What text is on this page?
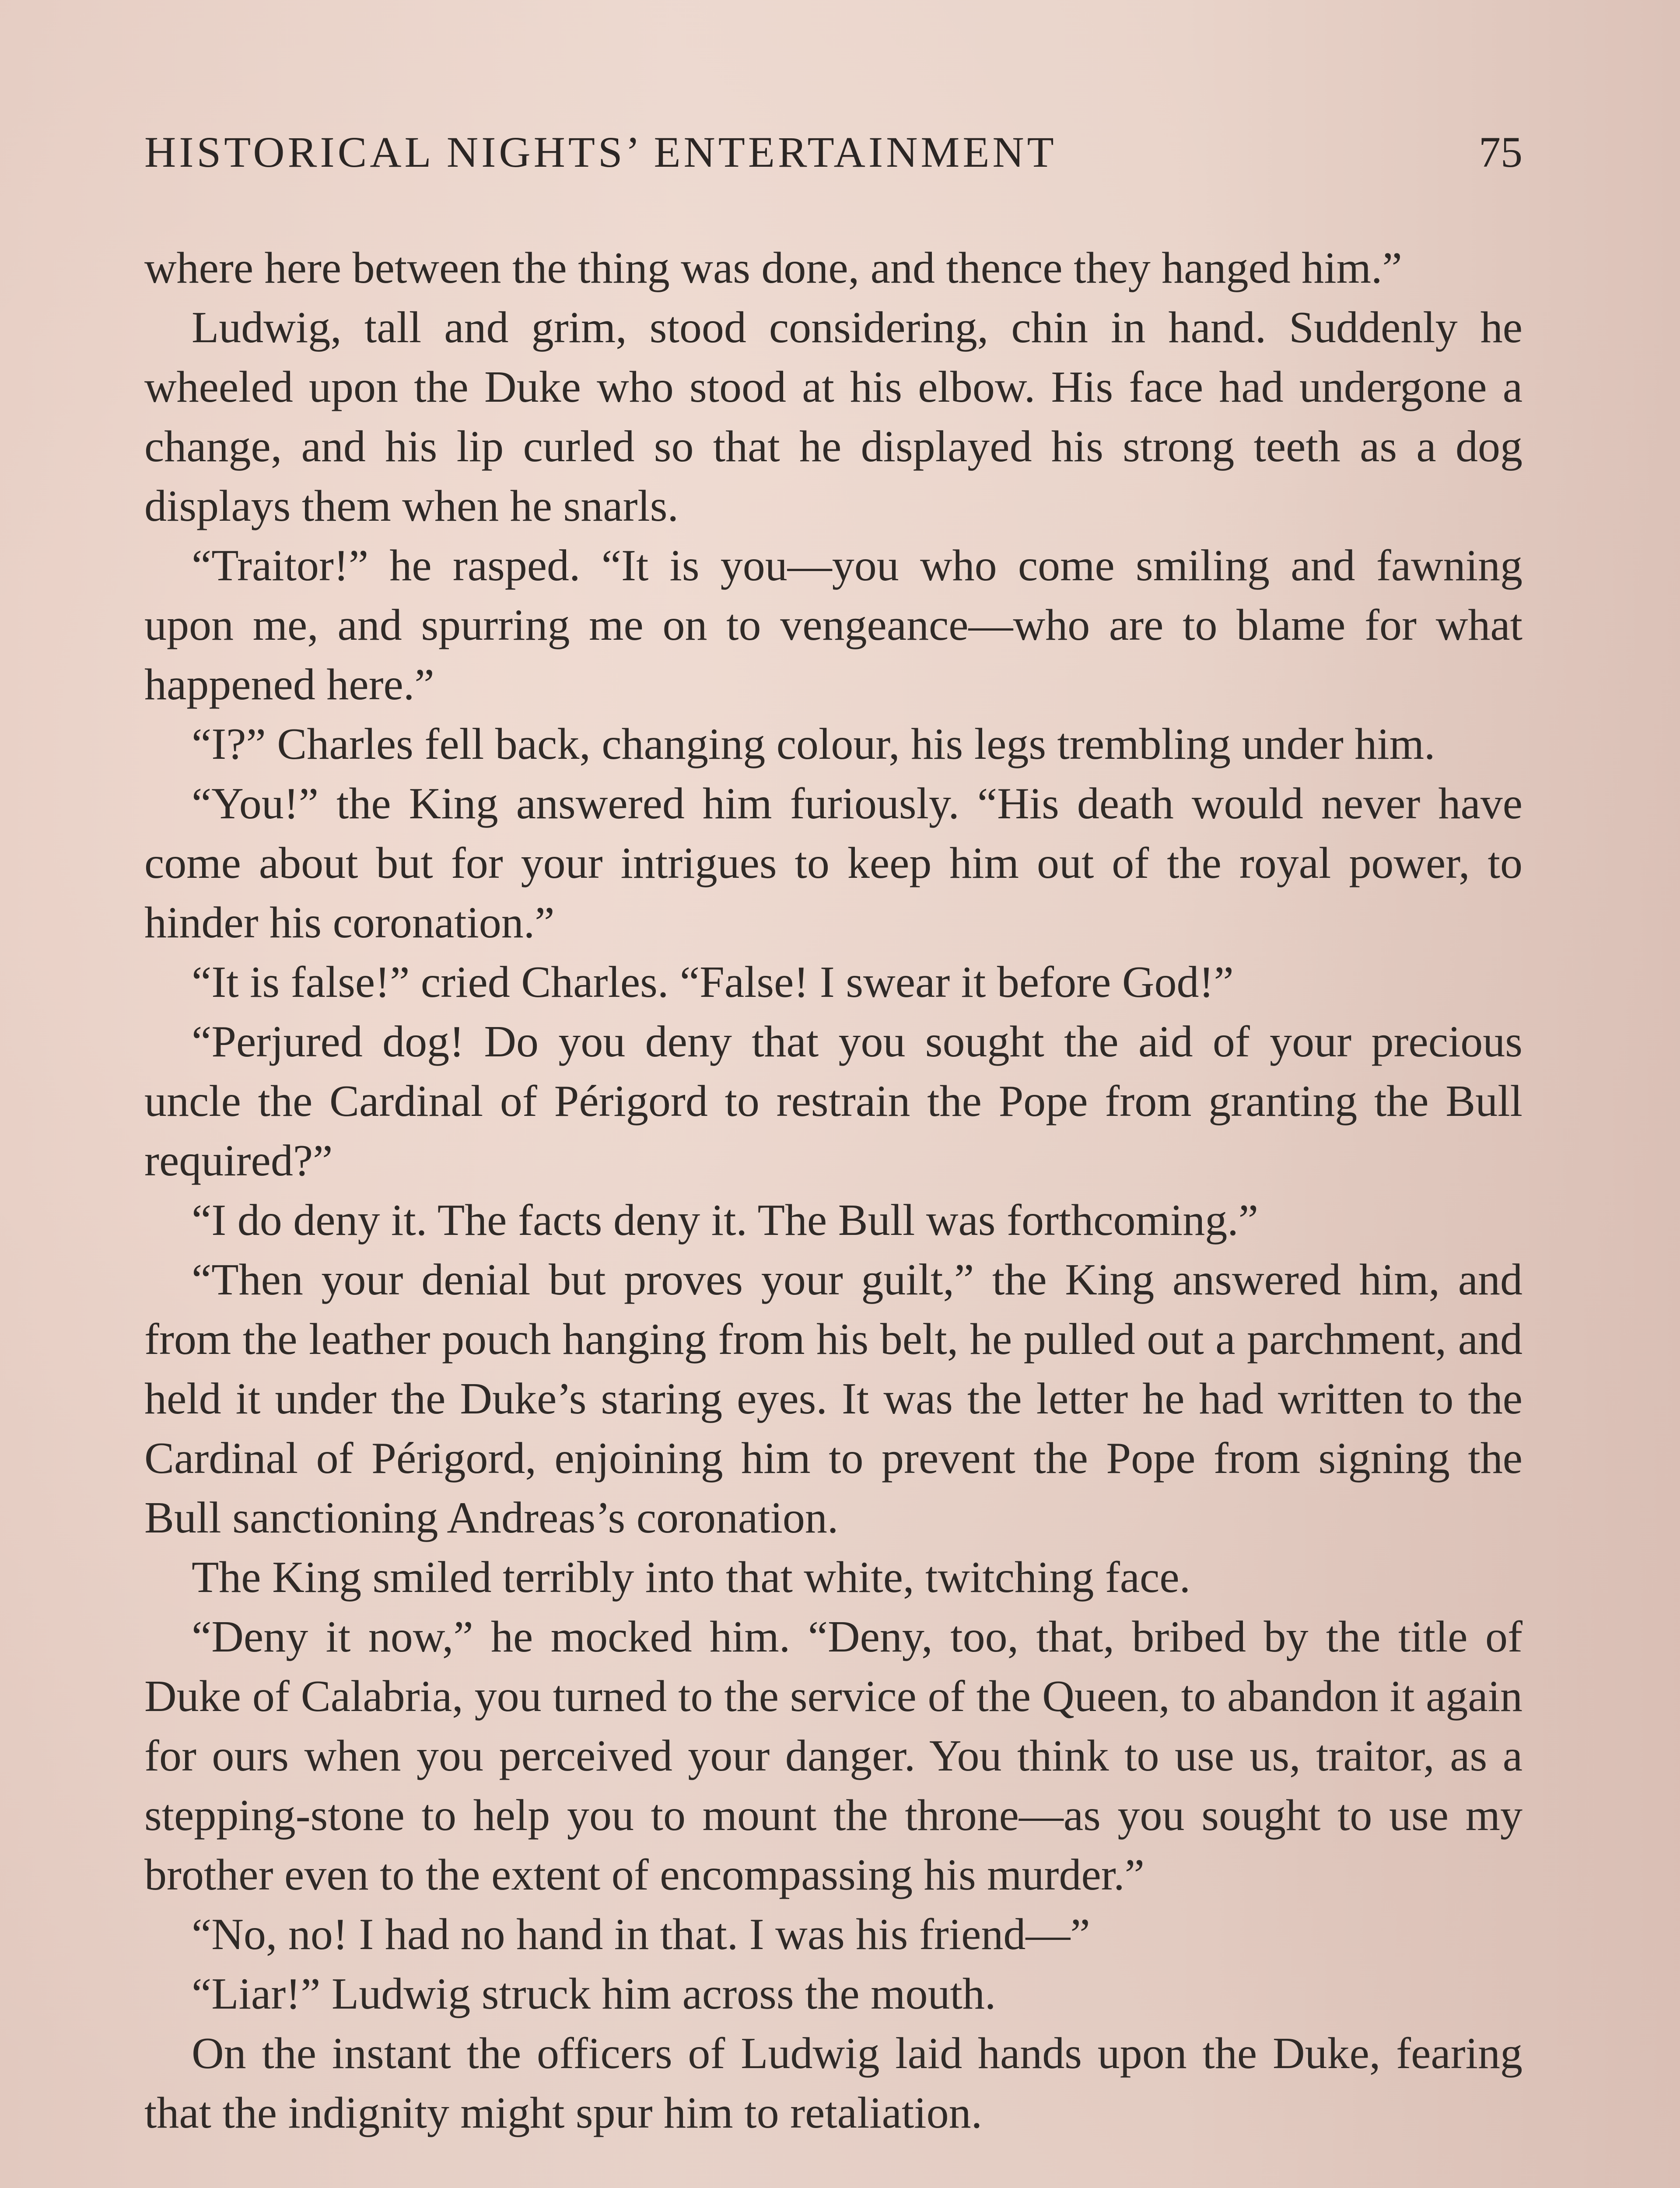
HISTORICAL NIGHTS’ ENTERTAINMENT	75

where here between the thing was done, and thence they hanged him.”

Ludwig, tall and grim, stood considering, chin in hand. Suddenly he wheeled upon the Duke who stood at his elbow. His face had undergone a change, and his lip curled so that he displayed his strong teeth as a dog displays them when he snarls.

“Traitor!” he rasped. “It is you—you who come smiling and fawning upon me, and spurring me on to vengeance—who are to blame for what happened here.”

“I?” Charles fell back, changing colour, his legs trembling under him.

“You!” the King answered him furiously. “His death would never have come about but for your intrigues to keep him out of the royal power, to hinder his coronation.”

“It is false!” cried Charles. “False! I swear it before God!”

“Perjured dog! Do you deny that you sought the aid of your precious uncle the Cardinal of Périgord to restrain the Pope from granting the Bull required?”

“I do deny it. The facts deny it. The Bull was forthcoming.”

“Then your denial but proves your guilt,” the King answered him, and from the leather pouch hanging from his belt, he pulled out a parchment, and held it under the Duke’s staring eyes. It was the letter he had written to the Cardinal of Périgord, enjoining him to prevent the Pope from signing the Bull sanctioning Andreas’s coronation.

The King smiled terribly into that white, twitching face.

“Deny it now,” he mocked him. “Deny, too, that, bribed by the title of Duke of Calabria, you turned to the service of the Queen, to abandon it again for ours when you perceived your danger. You think to use us, traitor, as a stepping-stone to help you to mount the throne—as you sought to use my brother even to the extent of encompassing his murder.”

“No, no! I had no hand in that. I was his friend—”

“Liar!” Ludwig struck him across the mouth.

On the instant the officers of Ludwig laid hands upon the Duke, fearing that the indignity might spur him to retaliation.
